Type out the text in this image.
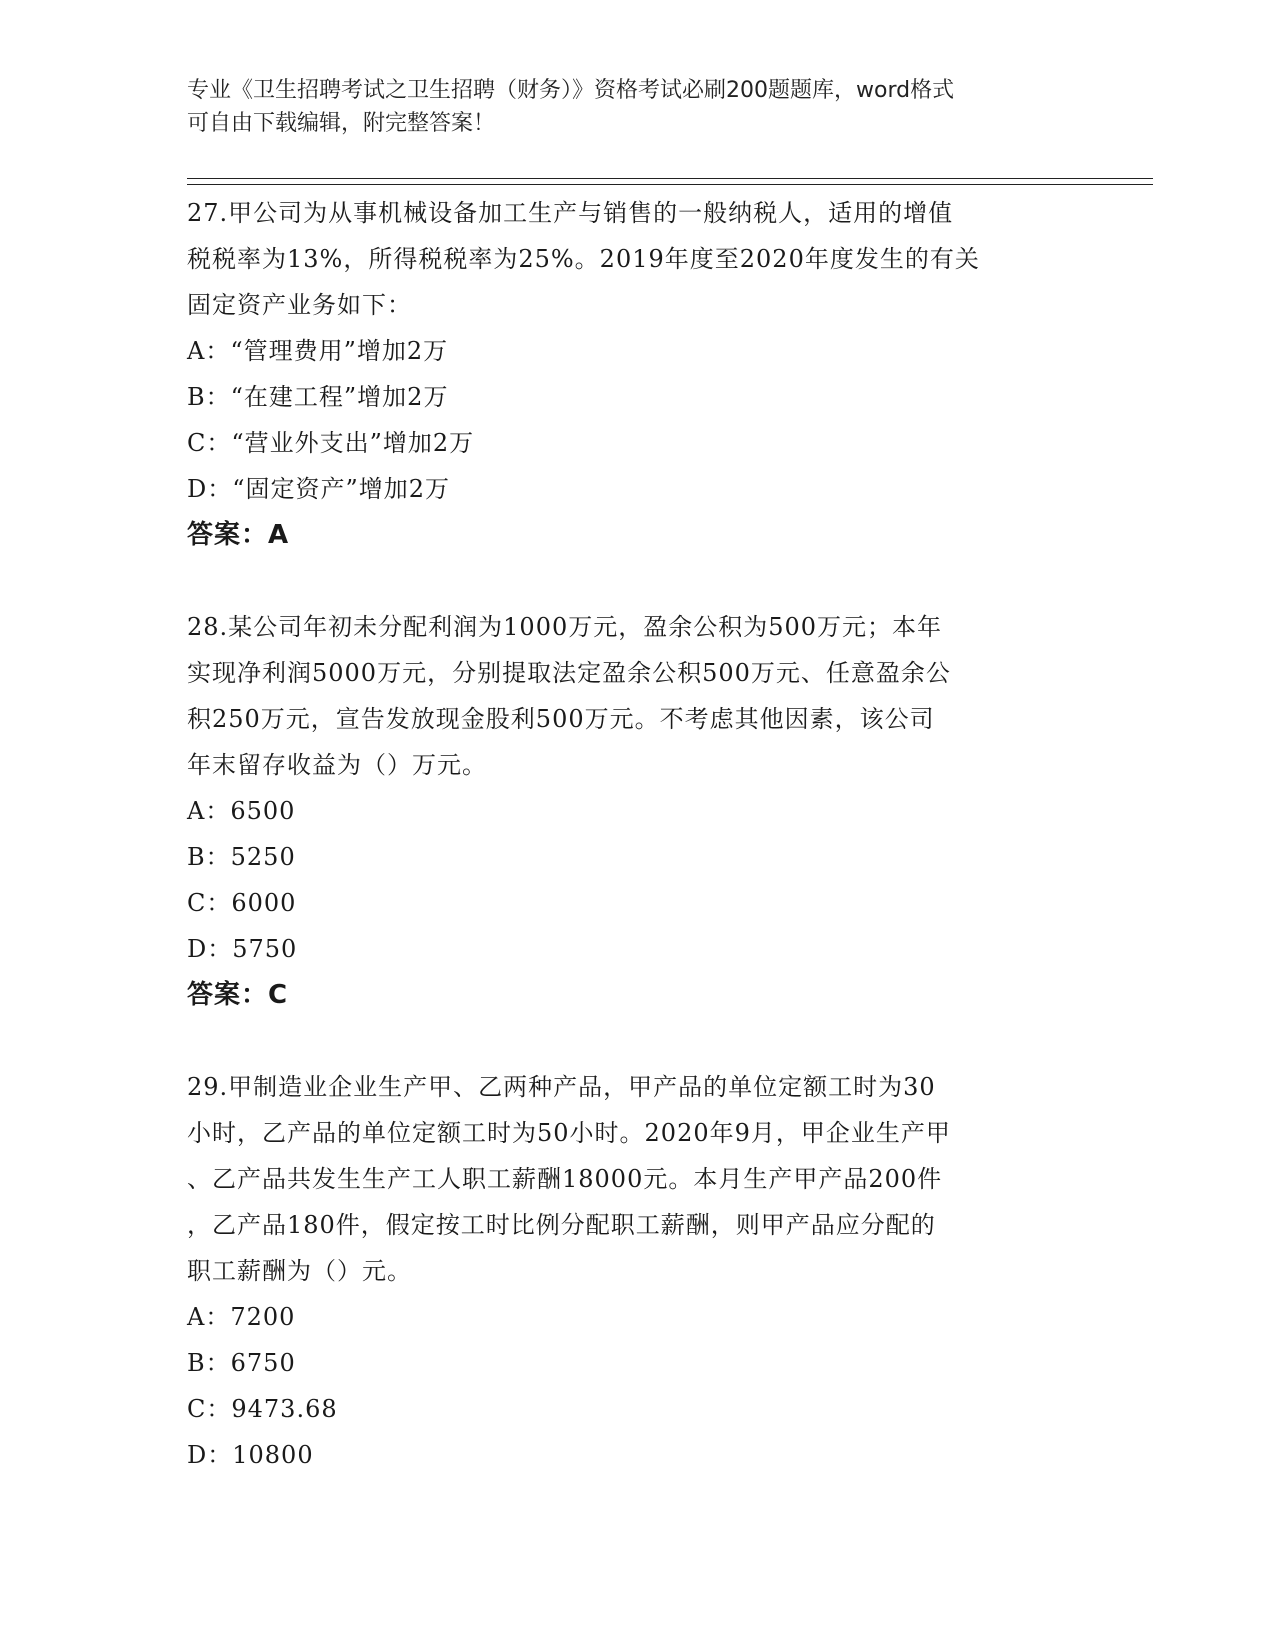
专业《卫生招聘考试之卫生招聘（财务）》资格考试必刷200题题库，word格式
可自由下载编辑，附完整答案！
27.甲公司为从事机械设备加工生产与销售的一般纳税人，适用的增值
税税率为13%，所得税税率为25%。2019年度至2020年度发生的有关
固定资产业务如下：
A：“管理费用”增加2万
B：“在建工程”增加2万
C：“营业外支出”增加2万
D：“固定资产”增加2万
答案：A
28.某公司年初未分配利润为1000万元，盈余公积为500万元；本年
实现净利润5000万元，分别提取法定盈余公积500万元、任意盈余公
积250万元，宣告发放现金股利500万元。不考虑其他因素，该公司
年末留存收益为（）万元。
A：6500
B：5250
C：6000
D：5750
答案：C
29.甲制造业企业生产甲、乙两种产品，甲产品的单位定额工时为30
小时，乙产品的单位定额工时为50小时。2020年9月，甲企业生产甲
、乙产品共发生生产工人职工薪酬18000元。本月生产甲产品200件
，乙产品180件，假定按工时比例分配职工薪酬，则甲产品应分配的
职工薪酬为（）元。
A：7200
B：6750
C：9473.68
D：10800
